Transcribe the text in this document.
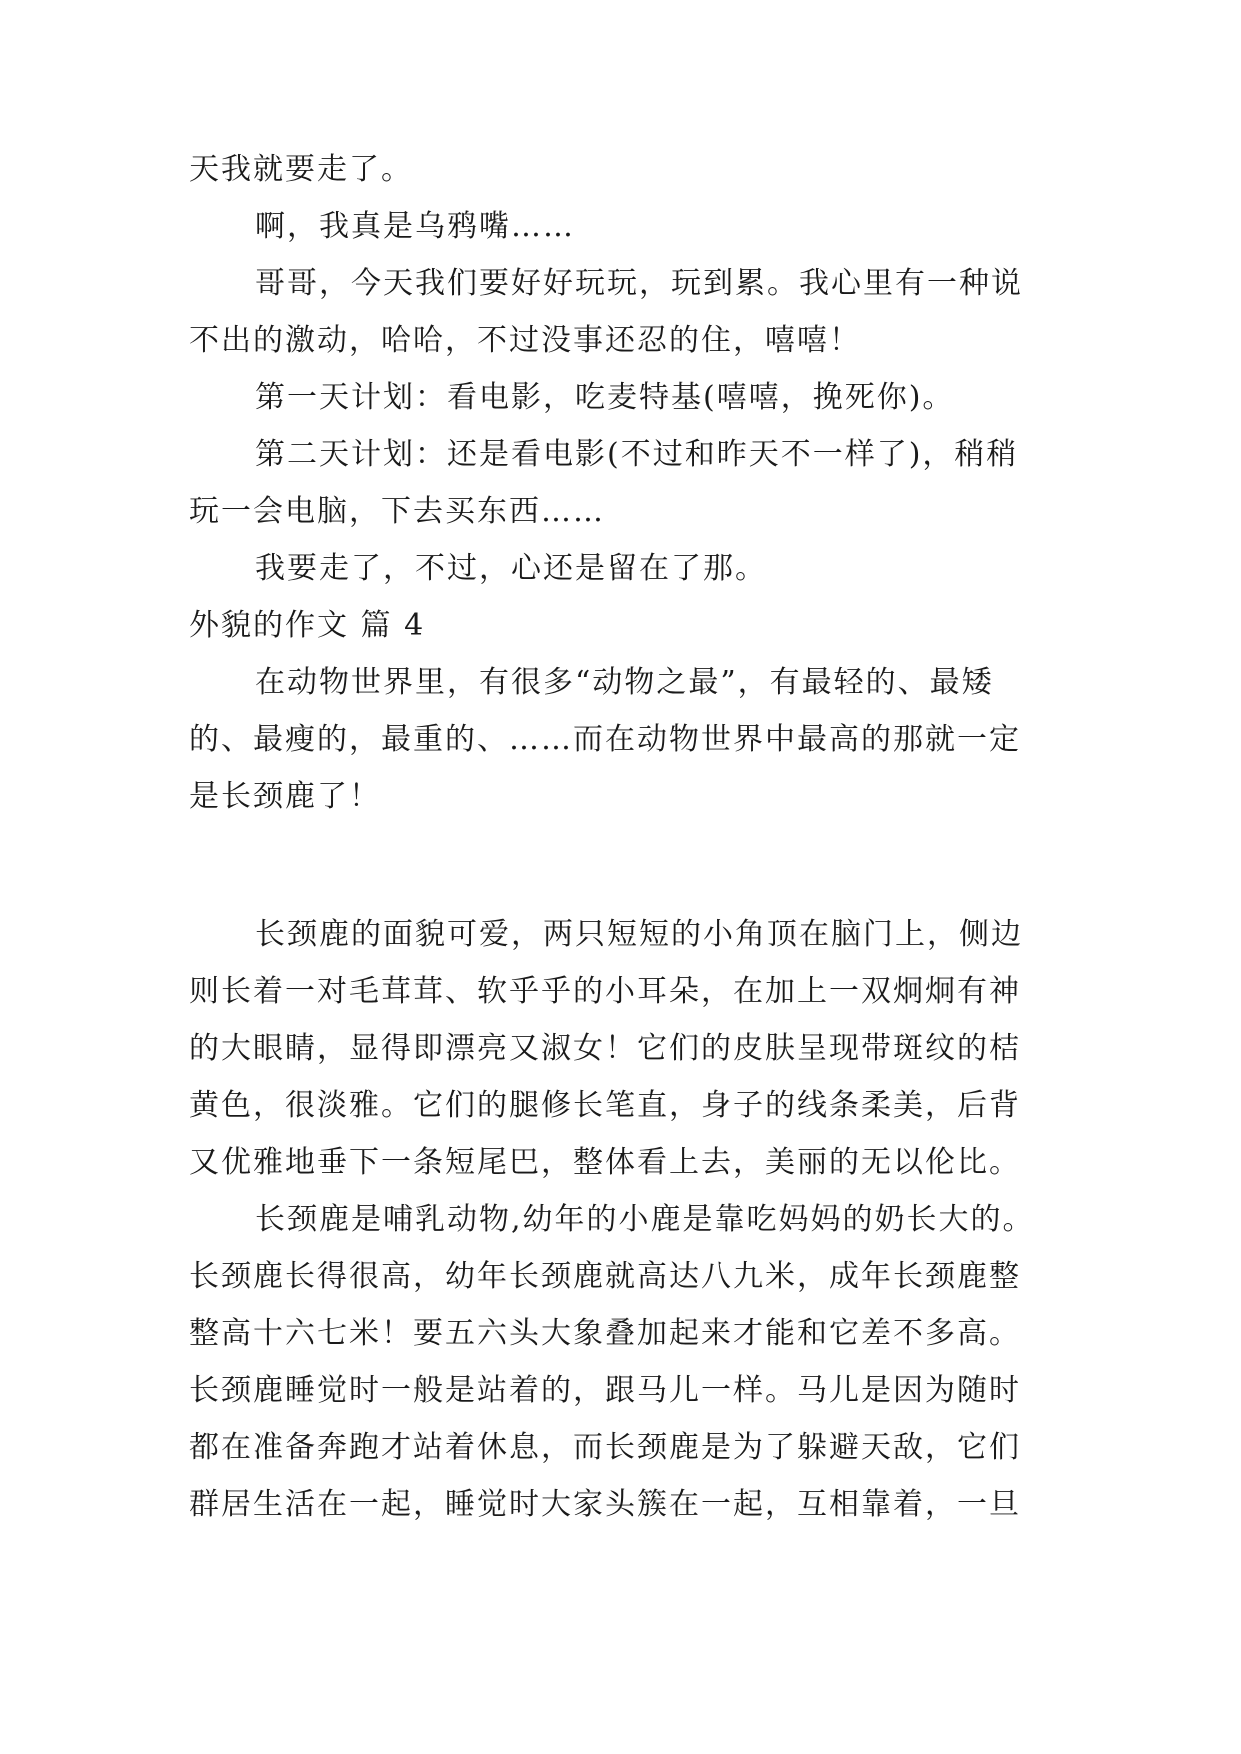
天我就要走了。
啊，我真是乌鸦嘴……
哥哥，今天我们要好好玩玩，玩到累。我心里有一种说
不出的激动，哈哈，不过没事还忍的住，嘻嘻！
第一天计划：看电影，吃麦特基(嘻嘻，挽死你)。
第二天计划：还是看电影(不过和昨天不一样了)，稍稍
玩一会电脑，下去买东西……
我要走了，不过，心还是留在了那。
外貌的作文 篇 4
在动物世界里，有很多“动物之最”，有最轻的、最矮
的、最瘦的，最重的、……而在动物世界中最高的那就一定
是长颈鹿了！
长颈鹿的面貌可爱，两只短短的小角顶在脑门上，侧边
则长着一对毛茸茸、软乎乎的小耳朵，在加上一双炯炯有神
的大眼睛，显得即漂亮又淑女！它们的皮肤呈现带斑纹的桔
黄色，很淡雅。它们的腿修长笔直，身子的线条柔美，后背
又优雅地垂下一条短尾巴，整体看上去，美丽的无以伦比。
长颈鹿是哺乳动物,幼年的小鹿是靠吃妈妈的奶长大的。
长颈鹿长得很高，幼年长颈鹿就高达八九米，成年长颈鹿整
整高十六七米！要五六头大象叠加起来才能和它差不多高。
长颈鹿睡觉时一般是站着的，跟马儿一样。马儿是因为随时
都在准备奔跑才站着休息，而长颈鹿是为了躲避天敌，它们
群居生活在一起，睡觉时大家头簇在一起，互相靠着，一旦
